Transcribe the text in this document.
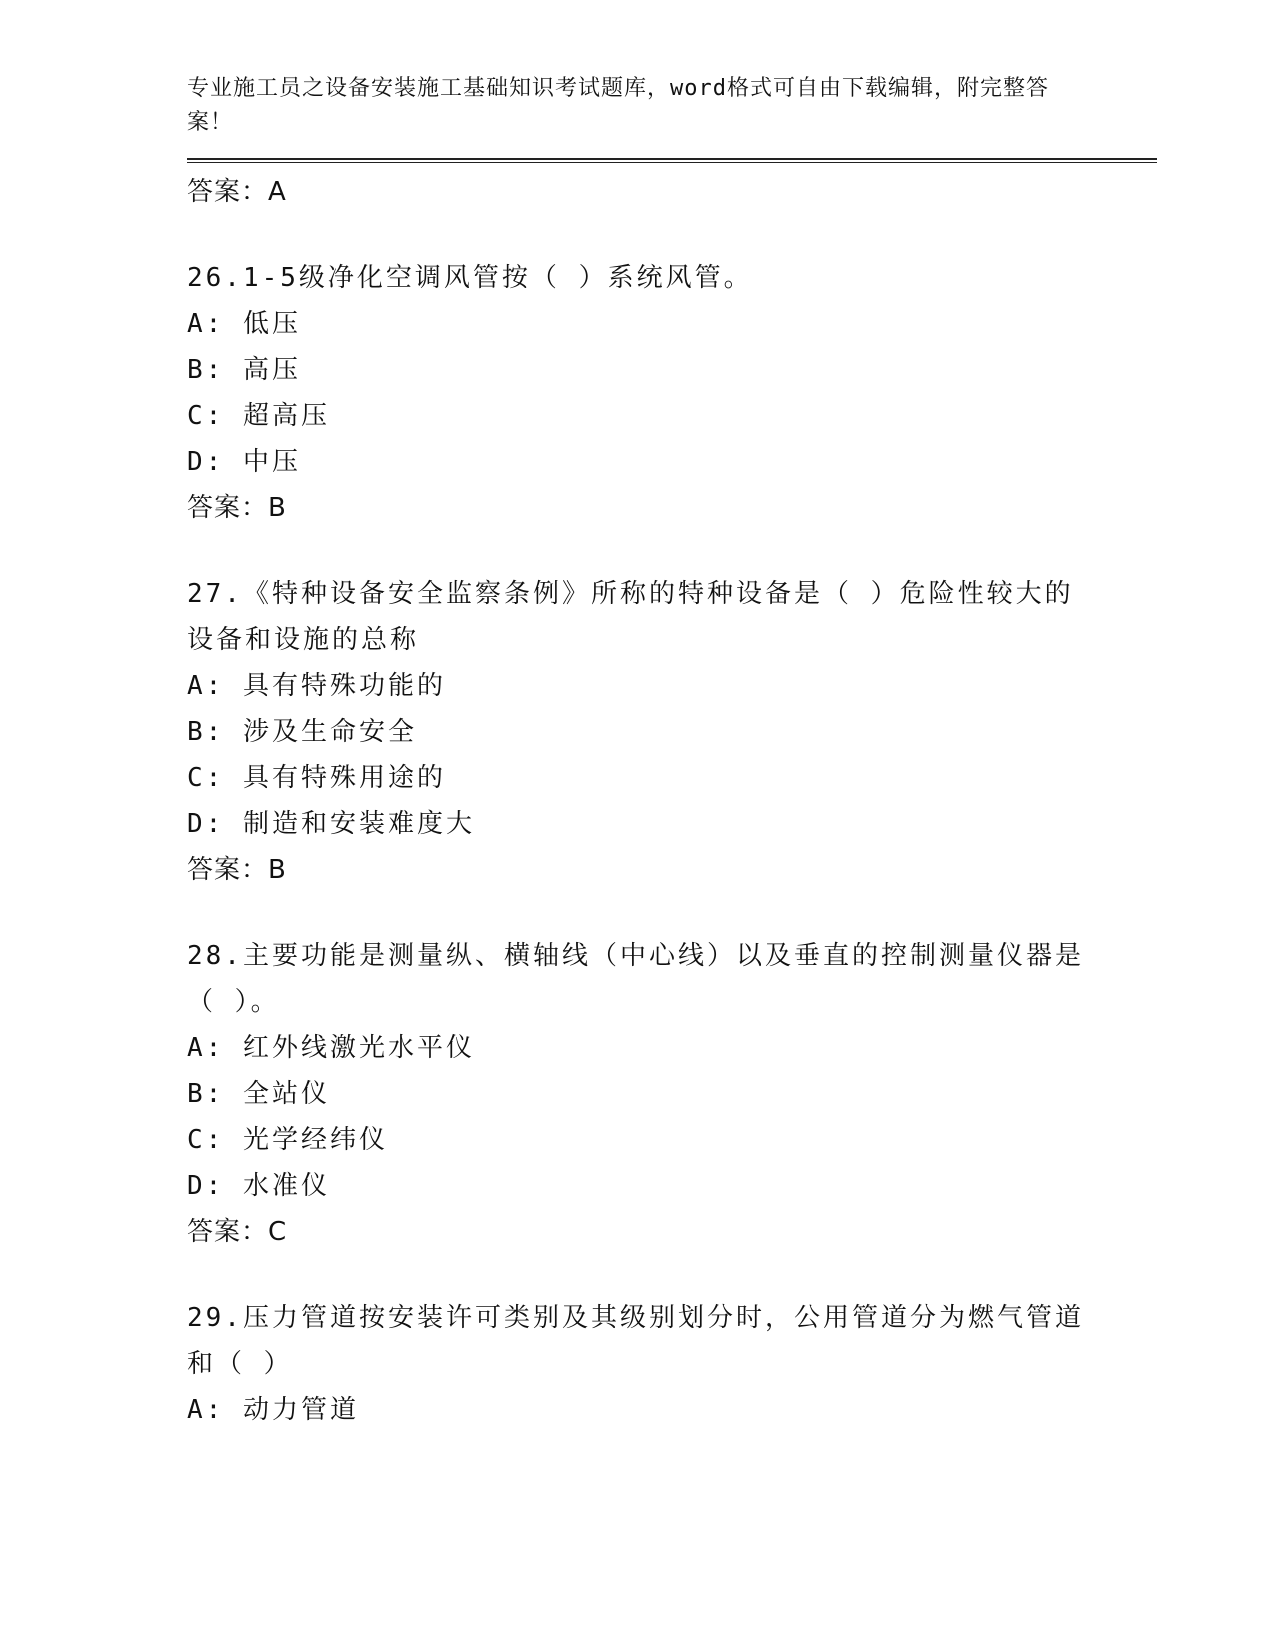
专业施工员之设备安装施工基础知识考试题库，word格式可自由下载编辑，附完整答案！

答案：A

26.1-5级净化空调风管按（ ）系统风管。

A: 低压

B: 高压

C: 超高压

D: 中压

答案：B

27.《特种设备安全监察条例》所称的特种设备是（ ）危险性较大的设备和设施的总称

A: 具有特殊功能的

B: 涉及生命安全

C: 具有特殊用途的

D: 制造和安装难度大

答案：B

28.主要功能是测量纵、横轴线（中心线）以及垂直的控制测量仪器是（ ）。

A: 红外线激光水平仪

B: 全站仪

C: 光学经纬仪

D: 水准仪

答案：C

29.压力管道按安装许可类别及其级别划分时，公用管道分为燃气管道和（ ）

A: 动力管道
